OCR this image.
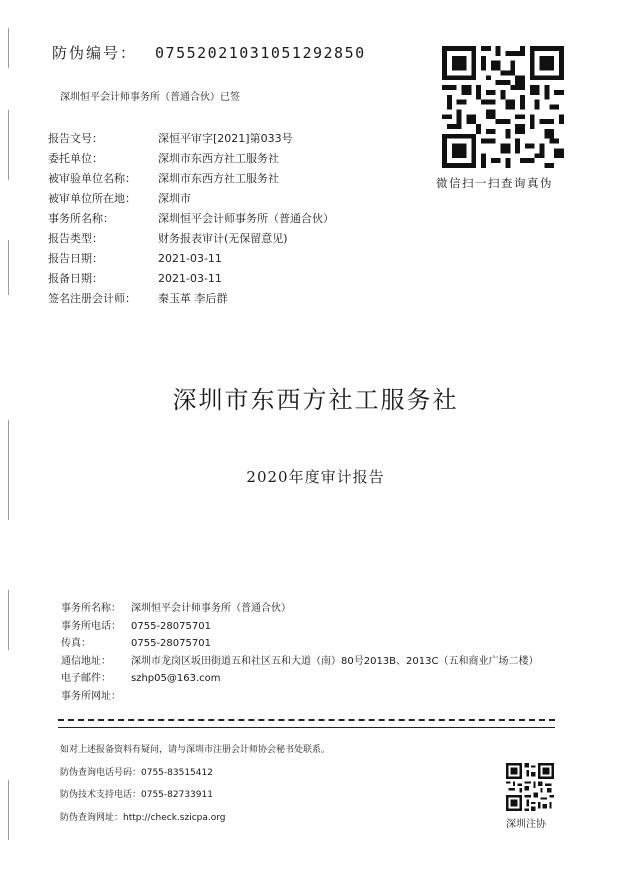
防伪编号： 07552021031051292850
深圳恒平会计师事务所（普通合伙）已签
微信扫一扫查询真伪
报告文号：	深恒平审字[2021]第033号
委托单位：	深圳市东西方社工服务社
被审验单位名称：	深圳市东西方社工服务社
被审单位所在地：	深圳市
事务所名称：	深圳恒平会计师事务所（普通合伙）
报告类型：	财务报表审计(无保留意见)
报告日期：	2021-03-11
报备日期：	2021-03-11
签名注册会计师：	秦玉革 李后群
深圳市东西方社工服务社
2020年度审计报告
事务所名称：	深圳恒平会计师事务所（普通合伙）
事务所电话：	0755-28075701
传真：	0755-28075701
通信地址：	深圳市龙岗区坂田街道五和社区五和大道（南）80号2013B、2013C（五和商业广场二楼）
电子邮件：	szhp05@163.com
事务所网址：
如对上述报备资料有疑问，请与深圳市注册会计师协会秘书处联系。
防伪查询电话号码：0755-83515412
防伪技术支持电话：0755-82733911
防伪查询网址：http://check.szicpa.org
深圳注协
